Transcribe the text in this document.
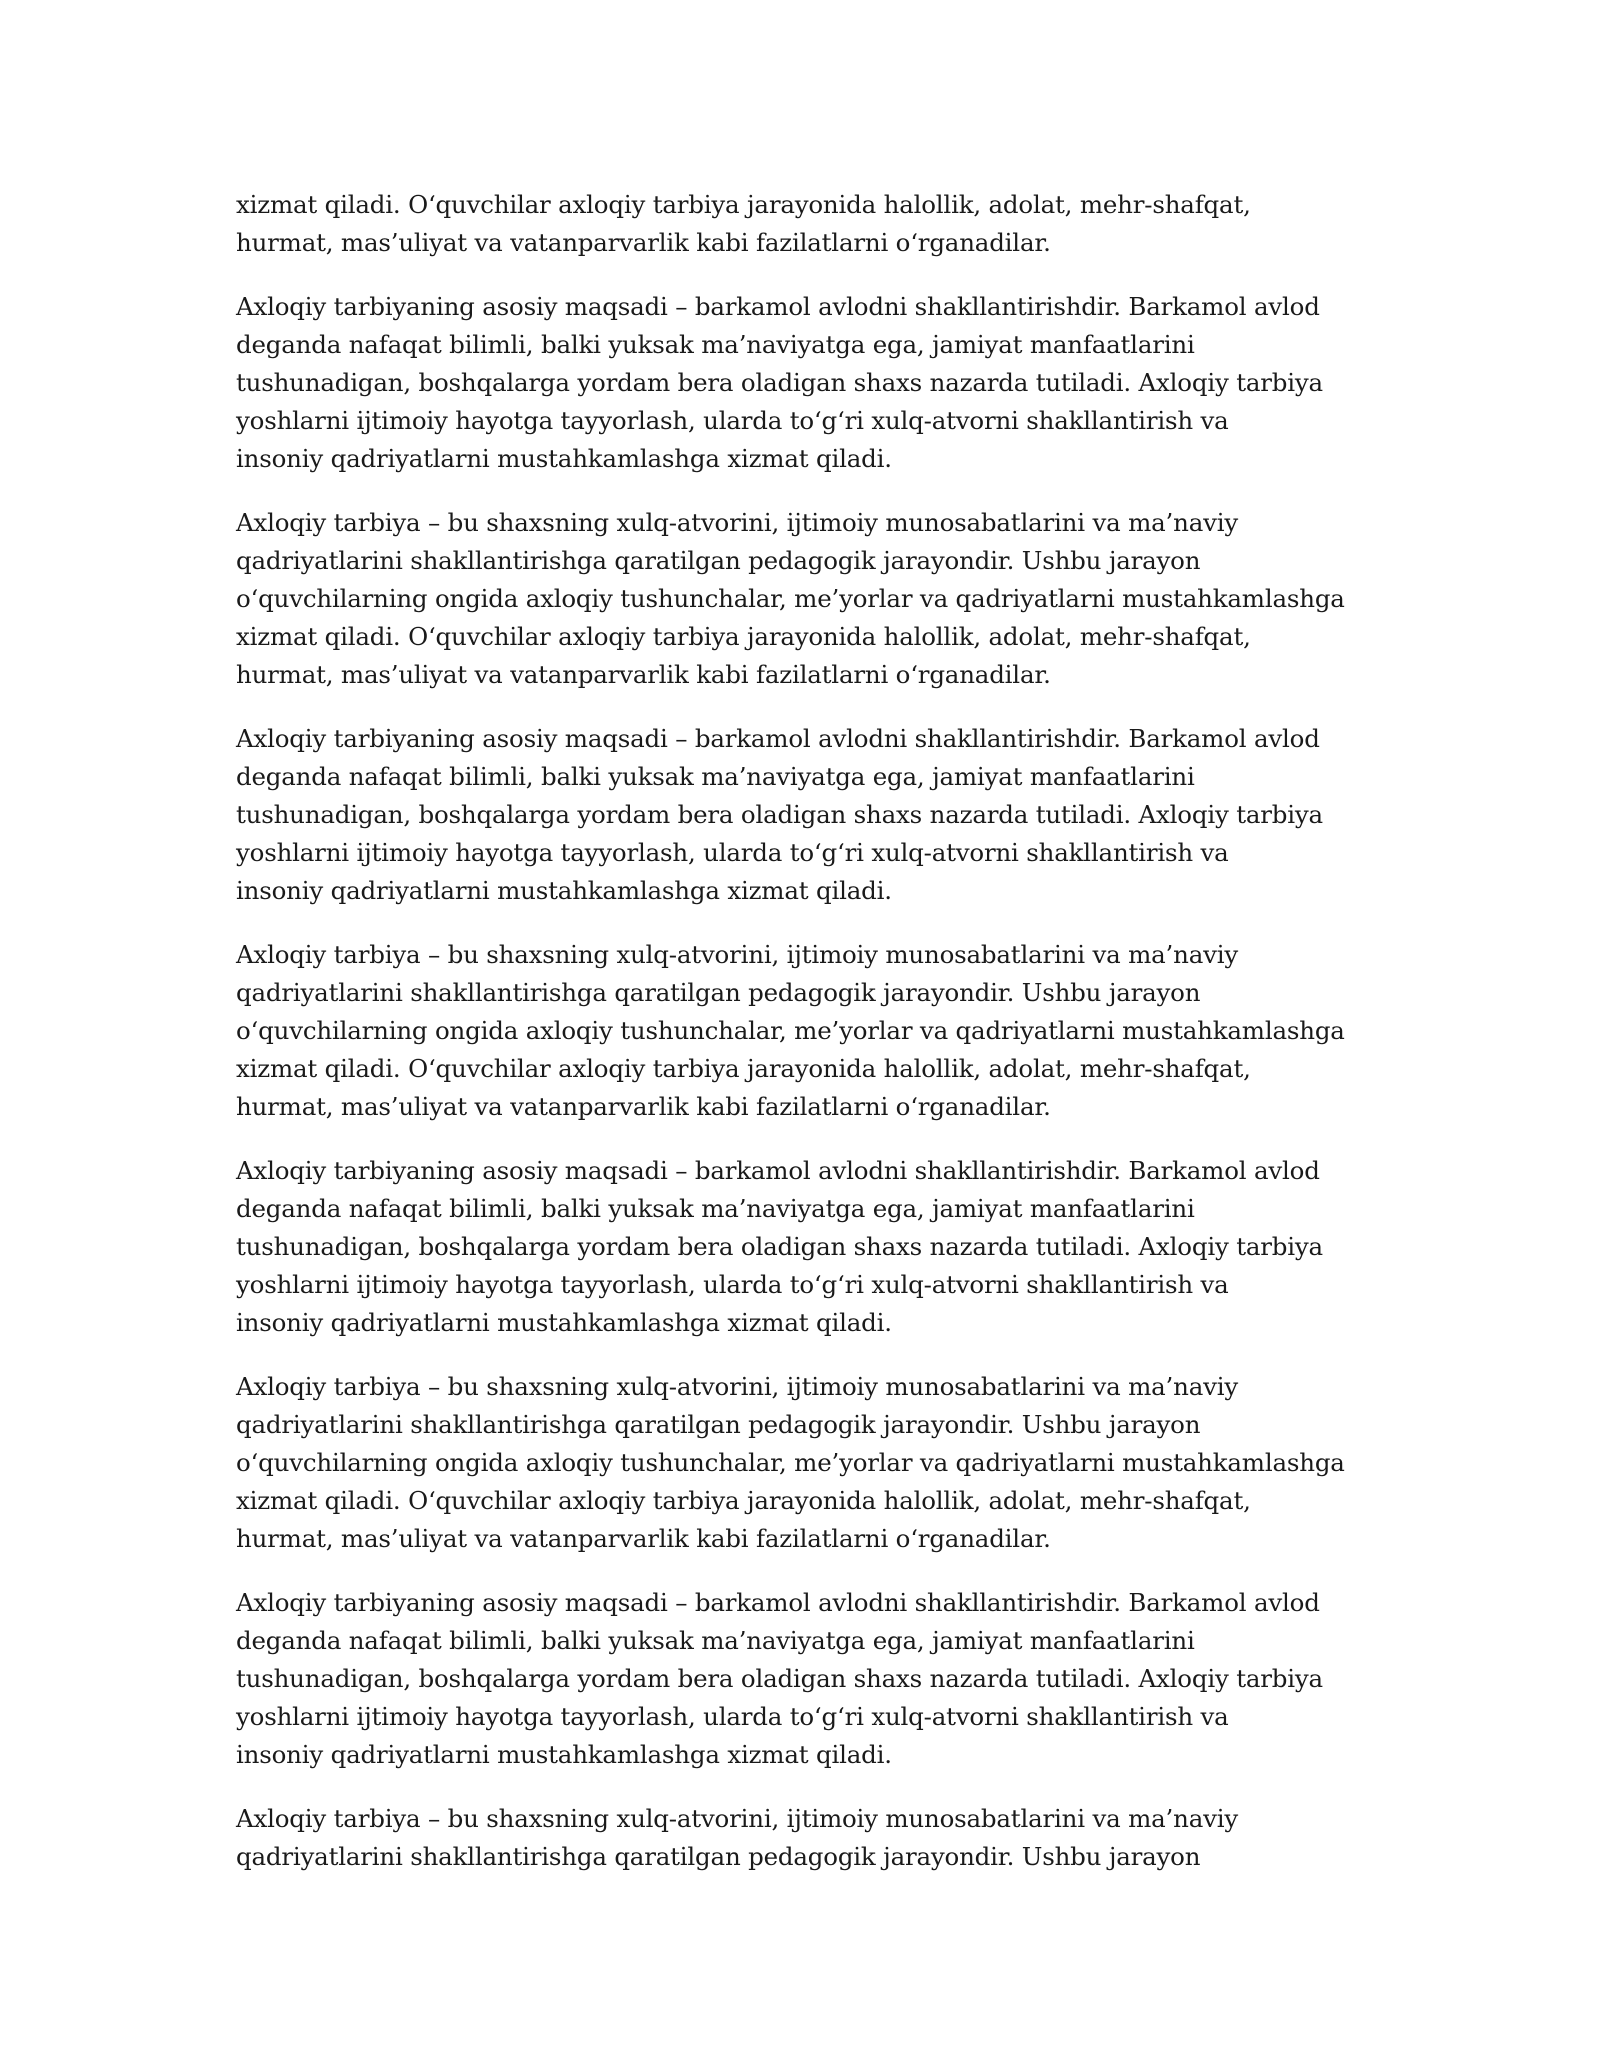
xizmat qiladi. O‘quvchilar axloqiy tarbiya jarayonida halollik, adolat, mehr-shafqat,
hurmat, mas’uliyat va vatanparvarlik kabi fazilatlarni o‘rganadilar.

Axloqiy tarbiyaning asosiy maqsadi – barkamol avlodni shakllantirishdir. Barkamol avlod
deganda nafaqat bilimli, balki yuksak ma’naviyatga ega, jamiyat manfaatlarini
tushunadigan, boshqalarga yordam bera oladigan shaxs nazarda tutiladi. Axloqiy tarbiya
yoshlarni ijtimoiy hayotga tayyorlash, ularda to‘g‘ri xulq-atvorni shakllantirish va
insoniy qadriyatlarni mustahkamlashga xizmat qiladi.

Axloqiy tarbiya – bu shaxsning xulq-atvorini, ijtimoiy munosabatlarini va ma’naviy
qadriyatlarini shakllantirishga qaratilgan pedagogik jarayondir. Ushbu jarayon
o‘quvchilarning ongida axloqiy tushunchalar, me’yorlar va qadriyatlarni mustahkamlashga
xizmat qiladi. O‘quvchilar axloqiy tarbiya jarayonida halollik, adolat, mehr-shafqat,
hurmat, mas’uliyat va vatanparvarlik kabi fazilatlarni o‘rganadilar.

Axloqiy tarbiyaning asosiy maqsadi – barkamol avlodni shakllantirishdir. Barkamol avlod
deganda nafaqat bilimli, balki yuksak ma’naviyatga ega, jamiyat manfaatlarini
tushunadigan, boshqalarga yordam bera oladigan shaxs nazarda tutiladi. Axloqiy tarbiya
yoshlarni ijtimoiy hayotga tayyorlash, ularda to‘g‘ri xulq-atvorni shakllantirish va
insoniy qadriyatlarni mustahkamlashga xizmat qiladi.

Axloqiy tarbiya – bu shaxsning xulq-atvorini, ijtimoiy munosabatlarini va ma’naviy
qadriyatlarini shakllantirishga qaratilgan pedagogik jarayondir. Ushbu jarayon
o‘quvchilarning ongida axloqiy tushunchalar, me’yorlar va qadriyatlarni mustahkamlashga
xizmat qiladi. O‘quvchilar axloqiy tarbiya jarayonida halollik, adolat, mehr-shafqat,
hurmat, mas’uliyat va vatanparvarlik kabi fazilatlarni o‘rganadilar.

Axloqiy tarbiyaning asosiy maqsadi – barkamol avlodni shakllantirishdir. Barkamol avlod
deganda nafaqat bilimli, balki yuksak ma’naviyatga ega, jamiyat manfaatlarini
tushunadigan, boshqalarga yordam bera oladigan shaxs nazarda tutiladi. Axloqiy tarbiya
yoshlarni ijtimoiy hayotga tayyorlash, ularda to‘g‘ri xulq-atvorni shakllantirish va
insoniy qadriyatlarni mustahkamlashga xizmat qiladi.

Axloqiy tarbiya – bu shaxsning xulq-atvorini, ijtimoiy munosabatlarini va ma’naviy
qadriyatlarini shakllantirishga qaratilgan pedagogik jarayondir. Ushbu jarayon
o‘quvchilarning ongida axloqiy tushunchalar, me’yorlar va qadriyatlarni mustahkamlashga
xizmat qiladi. O‘quvchilar axloqiy tarbiya jarayonida halollik, adolat, mehr-shafqat,
hurmat, mas’uliyat va vatanparvarlik kabi fazilatlarni o‘rganadilar.

Axloqiy tarbiyaning asosiy maqsadi – barkamol avlodni shakllantirishdir. Barkamol avlod
deganda nafaqat bilimli, balki yuksak ma’naviyatga ega, jamiyat manfaatlarini
tushunadigan, boshqalarga yordam bera oladigan shaxs nazarda tutiladi. Axloqiy tarbiya
yoshlarni ijtimoiy hayotga tayyorlash, ularda to‘g‘ri xulq-atvorni shakllantirish va
insoniy qadriyatlarni mustahkamlashga xizmat qiladi.

Axloqiy tarbiya – bu shaxsning xulq-atvorini, ijtimoiy munosabatlarini va ma’naviy
qadriyatlarini shakllantirishga qaratilgan pedagogik jarayondir. Ushbu jarayon
